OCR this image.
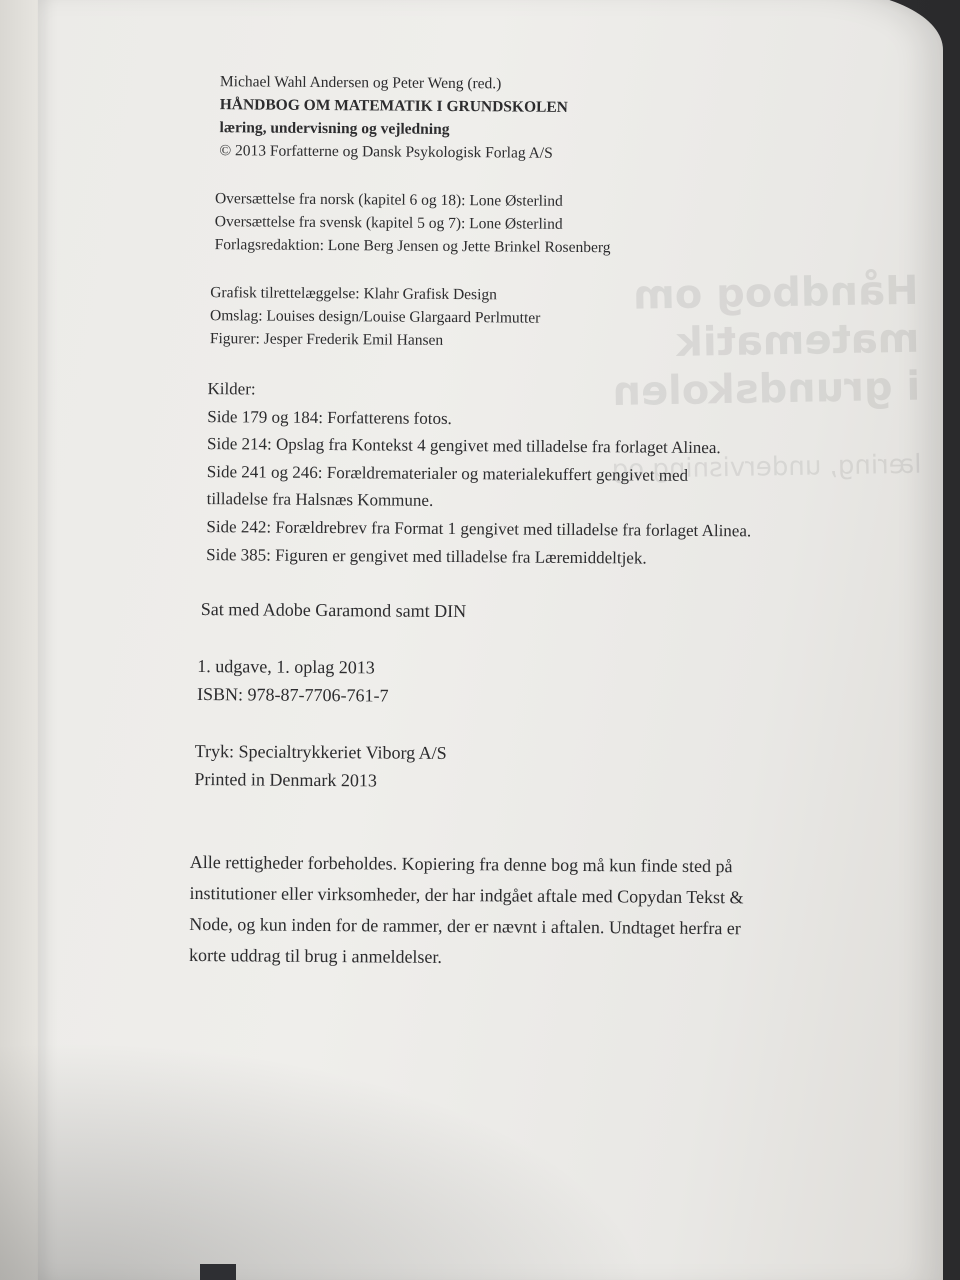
Michael Wahl Andersen og Peter Weng (red.)
HÅNDBOG OM MATEMATIK I GRUNDSKOLEN
læring, undervisning og vejledning
© 2013 Forfatterne og Dansk Psykologisk Forlag A/S
Oversættelse fra norsk (kapitel 6 og 18): Lone Østerlind
Oversættelse fra svensk (kapitel 5 og 7): Lone Østerlind
Forlagsredaktion: Lone Berg Jensen og Jette Brinkel Rosenberg
Grafisk tilrettelæggelse: Klahr Grafisk Design
Omslag: Louises design/Louise Glargaard Perlmutter
Figurer: Jesper Frederik Emil Hansen
Kilder:
Side 179 og 184: Forfatterens fotos.
Side 214: Opslag fra Kontekst 4 gengivet med tilladelse fra forlaget Alinea.
Side 241 og 246: Forældrematerialer og materialekuffert gengivet med
tilladelse fra Halsnæs Kommune.
Side 242: Forældrebrev fra Format 1 gengivet med tilladelse fra forlaget Alinea.
Side 385: Figuren er gengivet med tilladelse fra Læremiddeltjek.
Sat med Adobe Garamond samt DIN
1. udgave, 1. oplag 2013
ISBN: 978-87-7706-761-7
Tryk: Specialtrykkeriet Viborg A/S
Printed in Denmark 2013
Alle rettigheder forbeholdes. Kopiering fra denne bog må kun finde sted på
institutioner eller virksomheder, der har indgået aftale med Copydan Tekst &
Node, og kun inden for de rammer, der er nævnt i aftalen. Undtaget herfra er
korte uddrag til brug i anmeldelser.
